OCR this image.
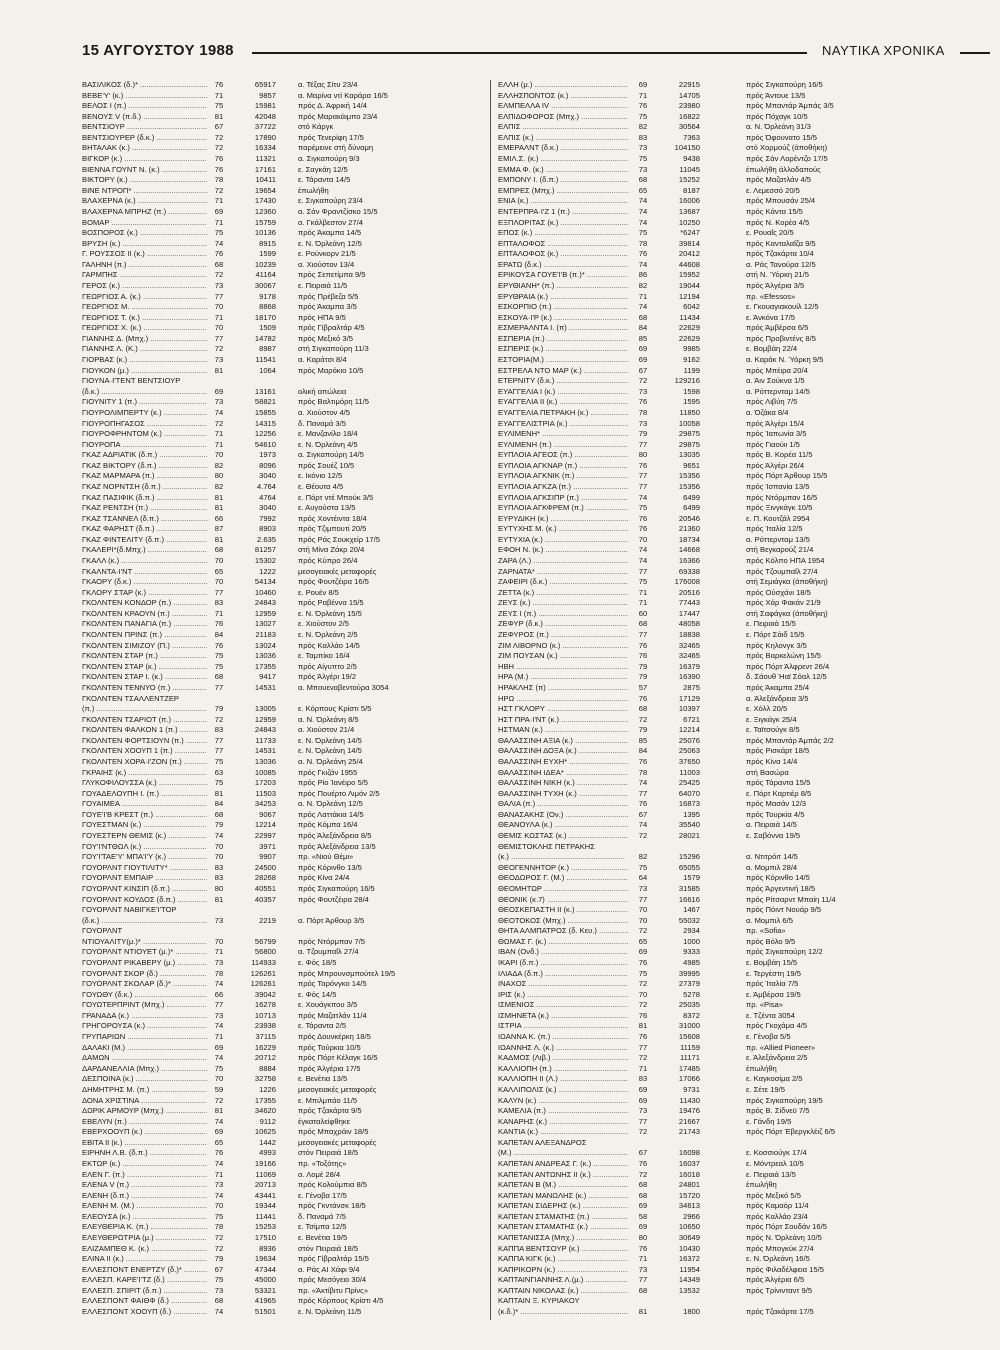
15 ΑΥΓΟΥΣΤΟΥ 1988	ΝΑΥΤΙΚΑ ΧΡΟΝΙΚΑ
ΒΑΣΙΛΙΚΟΣ (δ.)* .....	76	65917	α. Τέξας Σίτυ 23/4
ΒΕΒΕ'Υ' (κ.) .....	71	9857	α. Μαρίνα ντί Καράρα 16/5
ΒΕΛΟΣ Ι (π.) .....	75	15981	πρός Δ. Άφρική 14/4
ΒΕΝΟΥΣ V (π.δ.) .....	81	42048	πρός Μαρακάιμπο 23/4
ΒΕΝΤΣΙΟΥΡ .....	67	37722	στό Κάργκ
ΒΕΝΤΣΙΟΥΡΕΡ (δ.κ.) .....	72	17890	πρός Τενερίφη 17/5
ΒΗΤΑΛΑΚ (κ.) .....	72	16334	παρέμεινε στή δύναμη
ΒΙΓΚΟΡ (κ.) .....	76	11321	α. Σιγκαπούρη 9/3
ΒΙΕΝΝΑ ΓΟΥΝΤ Ν. (κ.) .....	76	17161	ε. Σαγκάη 12/5
ΒΙΚΤΟΡΥ (κ.) .....	78	10411	ε. Τάραντα 14/5
ΒΙΝΕ ΝΤΡΟΠ* .....	72	19654	έπωλήθη
ΒΛΑΧΕΡΝΑ (κ.) .....	71	17430	ε. Σιγκαπούρη 23/4
ΒΛΑΧΕΡΝΑ ΜΠΡΗΖ (π.) .....	69	12360	α. Σάν Φραντζίσκο 15/5
ΒΟΜΑΡ .....	71	15759	α. Γκάλβεστον 27/4
ΒΟΣΠΟΡΟΣ (κ.) .....	75	10136	πρός Άκαμπα 14/5
ΒΡΥΣΗ (κ.) .....	74	8915	ε. Ν. Όρλεάνη 12/5
Γ. ΡΟΥΣΣΟΣ ΙΙ (κ.) .....	76	1599	ε. Ρούνκορν 21/5
ΓΑΛΗΝΗ (π.) .....	68	10239	α. Χιούστον 13/4
ΓΑΡΜΠΗΣ .....	72	41164	πρός Σεπετίμπα 9/5
ΓΕΡΟΣ (κ.) .....	73	30067	ε. Πειραιά 11/5
ΓΕΩΡΓΙΟΣ Α. (κ.) .....	77	9178	πρός Πρέβεζα 5/5
ΓΕΩΡΓΙΟΣ Μ. .....	70	8868	πρός Άκαμπα 3/5
ΓΕΩΡΓΙΟΣ Τ. (κ.) .....	71	18170	πρός ΗΠΑ 9/5
ΓΕΩΡΓΙΟΣ Χ. (κ.) .....	70	1509	πρός Γίβραλτάρ 4/5
ΓΙΑΝΝΗΣ Δ. (Μπχ.) .....	77	14782	πρός Μεξικό 3/5
ΓΙΑΝΝΗΣ Λ. (Κ.) .....	72	8987	στή Σιγκαπούρη 11/3
ΓΙΟΡΒΑΣ (κ.) .....	73	11541	α. Καράτσι 8/4
ΓΙΟΥΚΟΝ (μ.) .....	81	1064	πρός Μαρόκιο 10/5
ΓΙΟΥΝΑ·Ι'ΤΕΝΤ ΒΕΝΤΣΙΟΥΡ
(δ.κ.) .....	69	13161	ολική απώλεια
ΓΙΟΥΝΙΤΥ 1 (π.) .....	73	58821	πρός Βαλτιμόρη 11/5
ΓΙΟΥΡΟΛΙΜΠΕΡΤΥ (κ.) .....	74	15855	α. Χιούστον 4/5
ΓΙΟΥΡΟΠΗΓΑΣΟΣ .....	72	14315	δ. Παναμά 3/5
ΓΙΟΥΡΟΦΡΗΝΤΟΜ (κ.) .....	71	12256	ε. Μανζανίλο 18/4
ΓΙΟΥΡΟΠΑ .....	71	54610	ε. Ν. Όρλεάνη 4/5
ΓΚΑΖ ΑΔΡΙΑΤΙΚ (δ.π.) .....	70	1973	α. Σιγκαπούρη 14/5
ΓΚΑΖ ΒΙΚΤΟΡΥ (δ.π.) .....	82	8096	πρός Σουέζ 10/5
ΓΚΑΖ ΜΑΡΜΑΡΑ (π.) .....	80	3040	ε. Ικόνιο 12/5
ΓΚΑΖ ΝΟΡΝΤΣΗ (δ.π.) .....	82	4.764	ε. Θέουτα 4/5
ΓΚΑΖ ΠΑΣΙΦΙΚ (δ.π.) .....	81	4764	ε. Πόρτ ντέ Μπούκ 3/5
ΓΚΑΖ ΡΕΝΤΣΗ (π.) .....	81	3040	ε. Αυγούστα 13/5
ΓΚΑΖ ΤΣΑΝΝΕΛ (δ.π.) .....	66	7992	πρός Χοντέιντα 18/4
ΓΚΑΖ ΦΑΡΗΣΤ (δ.π.) .....	87	8903	πρός Τζιμπουτί 20/5
ΓΚΑΖ ΦΙΝΤΕΛΙΤΥ (δ.π.) .....	81	2.635	πρός Ράς Σουκχείρ 17/5
ΓΚΑΛΕΡΙ*(δ.Μπχ.) .....	68	81257	στή Μίνα Ζάκρ 20/4
ΓΚΑΛΛ (κ.) .....	70	15302	πρός Κύπρο 26/4
ΓΚΑΛΝΤΑ·Ι'ΝΤ .....	65	1222	μεσογειακές μεταφορές
ΓΚΑΟΡΥ (δ.κ.) .....	70	54134	πρός Φουτζέιρα 16/5
ΓΚΛΟΡΥ ΣΤΑΡ (κ.) .....	77	10460	ε. Ρουέν 8/5
ΓΚΟΛΝΤΕΝ ΚΟΝΔΟΡ (π.) .....	83	24843	πρός Ραβέννα 15/5
ΓΚΟΛΝΤΕΝ ΚΡΑΟΥΝ (π.) .....	71	12959	ε. Ν. Όρλεάνη 15/5
ΓΚΟΛΝΤΕΝ ΠΑΝΑΓΙΑ (π.) .....	76	13027	ε. Χιούστον 2/5
ΓΚΟΛΝΤΕΝ ΠΡΙΝΣ (π.) .....	84	21183	ε. Ν. Όρλεάνη 2/5
ΓΚΟΛΝΤΕΝ ΣΙΜΙΖΟΥ (Π.) .....	76	13024	πρός Καλλάο 14/5
ΓΚΟΛΝΤΕΝ ΣΤΑΡ (π.) .....	75	13036	ε. Ταμπίκο 16/4
ΓΚΟΛΝΤΕΝ ΣΤΑΡ (κ.) .....	75	17355	πρός Αίγυπτο 2/5
ΓΚΟΛΝΤΕΝ ΣΤΑΡ Ι. (κ.) .....	68	9417	πρός Άλγέρι 19/2
ΓΚΟΛΝΤΕΝ ΤΕΝΝΥΟ (π.) .....	77	14531	α. Μπουεναβεντούρα 3054
ΓΚΟΛΝΤΕΝ ΤΣΑΛΛΕΝΤΖΕΡ
(π.) .....	79	13005	ε. Κόρπους Κρίστι 5/5
ΓΚΟΛΝΤΕΝ ΤΣΑΡΙΟΤ (π.) .....	72	12959	α. Ν. Όρλεάνη 8/5
ΓΚΟΛΝΤΕΝ ΦΑΛΚΟΝ 1 (π.) .....	83	24843	α. Χιούστον 21/4
ΓΚΟΛΝΤΕΝ ΦΟΡΤΣΙΟΥΝ (π.) .....	77	11733	ε. Ν. Όρλεάνη 14/5
ΓΚΟΛΝΤΕΝ ΧΟΟΥΠ 1 (π.) .....	77	14531	ε. Ν. Όρλεάνη 14/5
ΓΚΟΛΝΤΕΝ ΧΟΡΑ·Ι'ΖΟΝ (π.) .....	75	13036	α. Ν. Όρλεάνη 25/4
ΓΚΡΑΙΗΣ (κ.) .....	63	10085	πρός Γκιζάν 1955
ΓΛΥΚΟΦΙΛΟΥΣΣΑ (κ.) .....	75	17203	πρός Ρίο Ίανέιρο 5/5
ΓΟΥΑΔΕΛΟΥΠΗ Ι. (π.) .....	81	11503	πρός Πουέρτο Λιμόν 2/5
ΓΟΥΑΙΜΕΑ .....	84	34253	α. Ν. Όρλεάνη 12/5
ΓΟΥΕ'Ι'Β ΚΡΕΣΤ (π.) .....	68	9067	πρός Λαττάκια 14/5
ΓΟΥΕΣΤΜΑΝ (κ.) .....	79	12214	πρός Κόμπα 16/4
ΓΟΥΕΣΤΕΡΝ ΘΕΜΙΣ (κ.) .....	74	22997	πρός Άλεξάνδρεια 8/5
ΓΟΥ'Ι'ΝΤΘΩΛ (κ.) .....	70	3971	πρός Άλεξάνδρεια 13/5
ΓΟΥ'Ι'ΤΑΕ'Υ' ΜΠΑ'Ι'Υ (κ.) .....	70	9907	πρ. «Νιού Θέμι»
ΓΟΥΟΡΛΝΤ ΓΙΟΥΤΙΛΙΤΥ* .....	83	24500	πρός Κόρινθο 13/5
ΓΟΥΟΡΛΝΤ ΕΜΠΑΙΡ .....	83	28268	πρός Κίνα 24/4
ΓΟΥΟΡΛΝΤ ΚΙΝΣΙΠ (δ.π.) .....	80	40551	πρός Σιγκαπούρη 16/5
ΓΟΥΟΡΛΝΤ ΚΟΥΔΟΣ (δ.π.) .....	81	40357	πρός Φουτζέιρα 28/4
ΓΟΥΟΡΛΝΤ ΝΑΒΙΓΚΕ'Ι'ΤΟΡ
(δ.κ.) .....	73	2219	α. Πόρτ Άρθουρ 3/5
ΓΟΥΟΡΛΝΤ
ΝΤΙΟΥΑΛΙΤΥ(μ.)* .....	70	56799	πρός Ντόρμπαν 7/5
ΓΟΥΟΡΛΝΤ ΝΤΙΟΥΕΤ (μ.)* .....	71	56800	α. Τζουμπαΐλ 27/4
ΓΟΥΟΡΛΝΤ ΡΙΚΑΒΕΡΥ (μ.) .....	73	114933	ε. Φός 18/5
ΓΟΥΟΡΛΝΤ ΣΚΟΡ (δ.) .....	78	126261	πρός Μπρουνσμπούτελ 19/5
ΓΟΥΟΡΛΝΤ ΣΚΟΛΑΡ (δ.)* .....	74	126261	πρός Ταρόνγκο 14/5
ΓΟΥΩΘΥ (δ.κ.) .....	66	39042	ε. Φός 14/5
ΓΟΥΩΤΕΡΠΡΙΝΤ (Μπχ.) .....	77	16278	ε. Χουάγκπου 3/5
ΓΡΑΝΑΔΑ (κ.) .....	73	10713	πρός Μαζατλάν 11/4
ΓΡΗΓΟΡΟΥΣΑ (κ.) .....	74	23938	ε. Τάραντα 2/5
ΓΡΥΠΑΡΙΩΝ .....	71	37115	πρός Δουνκέρκη 18/5
ΔΑΛΑΚΙ (Μ.) .....	69	16229	πρός Τούρκια 10/5
ΔΑΜΩΝ .....	74	20712	πρός Πόρτ Κέλαγκ 16/5
ΔΑΡΔΑΝΕΛΛΙΑ (Μπχ.) .....	75	8884	πρός Άλγέρια 17/5
ΔΕΣΠΟΙΝΑ (κ.) .....	70	32758	ε. Βενέτια 13/5
ΔΗΜΗΤΡΗΣ Μ. (π.) .....	59	1226	μεσογειακές μεταφορές
ΔΟΝΑ ΧΡΙΣΤΙΝΑ .....	72	17355	ε. Μπιλμπάο 11/5
ΔΩΡΙΚ ΑΡΜΟΥΡ (Μπχ.) .....	81	34620	πρός Τζακάρτα 9/5
ΕΒΕΛΥΝ (π.) .....	74	9112	έγκαταλείφθηκε
ΕΒΕΡΧΟΟΥΠ (κ.) .....	69	10625	πρός Μπαχράιν 18/5
ΕΒΙΤΑ ΙΙ (κ.) .....	65	1442	μεσογειακές μεταφορές
ΕΙΡΗΝΗ Λ.Β. (δ.π.) .....	76	4993	στόν Πειραιά 18/5
ΕΚΤΩΡ (κ.) .....	74	19166	πρ. «Τοξότης»
ΕΛΕΝ Γ. (π.) .....	71	11069	α. Λομέ 28/4
ΕΛΕΝΑ V (π.) .....	73	20713	πρός Κολούμπια 8/5
ΕΛΕΝΗ (δ.π.) .....	74	43441	ε. Γένοβα 17/5
ΕΛΕΝΗ Μ. (Μ.) .....	70	19344	πρός Γκντάνσκ 18/5
ΕΛΕΟΥΣΑ (κ.) .....	75	11441	δ. Παναμά 7/5
ΕΛΕΥΘΕΡΙΑ Κ. (π.) .....	78	15253	ε. Τσίμπα 12/5
ΕΛΕΥΘΕΡΩΤΡΙΑ (μ.) .....	72	17510	ε. Βενέτια 19/5
ΕΛΙΖΑΜΠΕΘ Κ. (κ.) .....	72	8936	στόν Πειραιά 18/5
ΕΛΙΝΑ ΙΙ (κ.) .....	79	19634	πρός Γίβραλτάρ 15/5
ΕΛΛΕΣΠΟΝΤ ΕΝΕΡΤΖΥ (δ.)* .....	67	47344	α. Ράς ΑΙ Χάφι 9/4
ΕΛΛΕΣΠ. ΚΑΡΕ'Ι'ΤΖ (δ.) .....	75	45000	πρός Μεσόγειο 30/4
ΕΛΛΕΣΠ. ΣΠΙΡΙΤ (δ.π.) .....	73	53321	πρ. «Άκτίβιτυ Πρίνς»
ΕΛΛΕΣΠΟΝΤ ΦΑΙΘΦ (δ.) .....	68	41965	πρός Κόρπους Κρίστι 4/5
ΕΛΛΕΣΠΟΝΤ ΧΟΟΥΠ (δ.) .....	74	51501	ε. Ν. Όρλεάνη 11/5
ΕΛΛΗ (μ.) .....	69	22915	πρός Σιγκαπούρη 16/5
ΕΛΛΗΣΠΟΝΤΟΣ (κ.) .....	71	14705	πρός Άντουε 13/5
ΕΛΜΠΕΛΛΑ IV .....	76	23980	πρός Μπαντάρ Άμπάς 3/5
ΕΛΠΙΔΟΦΟΡΟΣ (Μπχ.) .....	75	16822	πρός Πόχαγκ 10/5
ΕΛΠΙΣ .....	82	30564	α. Ν. Όρλεάνη 31/3
ΕΛΠΙΣ (κ.) .....	83	7363	πρός Όφουνατο 15/5
ΕΜΕΡΑΛΝΤ (δ.κ.) .....	73	104150	στό Χορμούζ (άποθήκη)
ΕΜΙΛ.Σ. (κ.) .....	75	9438	πρός Σάν Λορέντζο 17/5
ΕΜΜΑ Φ. (κ.) .....	73	11045	έπωλήθη άλλοδαπούς
ΕΜΠΟΝΥ Ι. (δ.π.) .....	68	15252	πρός Μαζατλάν 4/5
ΕΜΠΡΕΣ (Μπχ.) .....	65	8187	ε. Λεμεσσό 20/5
ΕΝΙΑ (κ.) .....	74	16006	πρός Μπουσάν 25/4
ΕΝΤΕΡΠΡΑ·Ι'Ζ 1 (π.) .....	74	13687	πρός Κάντα 15/5
ΕΞΠΛΟΡΙΤΑΣ (κ.) .....	74	10250	πρός Ν. Κορέα 4/5
ΕΠΟΣ (κ.) .....	75	*6247	ε. Ρουαΐς 20/5
ΕΠΤΑΛΟΦΟΣ .....	78	39814	πρός Κανταλαΐζα 9/5
ΕΠΤΑΛΟΦΟΣ (κ.) .....	76	20412	πρός Τζακάρτα 10/4
ΕΡΑΤΩ (δ.κ.) .....	74	44608	α. Ράς Τανούρα 12/5
ΕΡΙΚΟΥΣΑ ΓΟΥΕ'Ι'Β (π.)* .....	86	15952	στή Ν. Ύόρκη 21/5
ΕΡΥΘΙΑΝΗ* (π.) .....	82	19044	πρός Άλγέρια 3/5
ΕΡΥΘΡΑΙΑ (κ.) .....	71	12194	πρ. «Efessos»
ΕΣΚΟΡΠΙΟ (π.) .....	74	6042	ε. Γκουαγιακουίλ 12/5
ΕΣΚΟΥΑ·Ι'Ρ (κ.) .....	68	11434	ε. Άνκόνα 17/5
ΕΣΜΕΡΑΛΝΤΑ Ι. (π) .....	84	22629	πρός Άμβέρσα 6/5
ΕΣΠΕΡΙΑ (π.) .....	85	22629	πρός Προβιντένς 8/5
ΕΣΠΕΡΙΣ (κ.) .....	69	9985	ε. Βομβάη 22/4
ΕΣΤΟΡΙΑ(Μ.) .....	69	9162	α. Καράκ Ν. Ύόρκη 9/5
ΕΣΤΡΕΛΑ ΝΤΟ ΜΑΡ (κ.) .....	67	1199	πρός Μπέιρα 20/4
ΕΤΕΡΝΙΤΥ (δ.κ.) .....	72	129216	α. Άιν Σούκνα 1/5
ΕΥΑΓΓΕΛΙΑ Ι (κ.) .....	73	1598	α. Ρόττερνταμ 14/5
ΕΥΑΓΓΕΛΙΑ ΙΙ (κ.) .....	76	1595	πρός Λιβύη 7/5
ΕΥΑΓΓΕΛΙΑ ΠΕΤΡΑΚΗ (κ.) .....	78	11850	α. Όζάκα 8/4
ΕΥΑΓΓΕΛΙΣΤΡΙΑ (κ.) .....	73	10058	πρός Άλγέρι 15/4
ΕΥΛΙΜΕΝΗ* .....	79	29875	πρός Ίαπωνία 3/5
ΕΥΛΙΜΕΝΗ (π.) .....	77	29875	πρός Γιαούιι 1/5
ΕΥΠΛΟΙΑ ΑΓΕΟΣ (π.) .....	80	13035	πρός Β. Κορέα 11/5
ΕΥΠΛΟΙΑ ΑΓΚΝΑΡ (π.) .....	76	9651	πρός Άλγέρι 26/4
ΕΥΠΛΟΙΑ ΑΓΚΝΙΚ (π.) .....	77	15356	πρός Πόρτ Άρθουρ 15/5
ΕΥΠΛΟΙΑ ΑΓΚΖΑ (π.) .....	77	15356	πρός Ίσπανία 13/5
ΕΥΠΛΟΙΑ ΑΓΚΣΙΠΡ (π.) .....	74	6499	πρός Ντόρμπαν 16/5
ΕΥΠΛΟΙΑ ΑΓΚΦΡΕΜ (π.) .....	75	6499	πρός Ξινγκάγκ 10/5
ΕΥΡΥΔΙΚΗ (κ.) .....	76	20546	ε. Π. Κουτζάλ 2954
ΕΥΤΥΧΗΣ Μ. (κ.) .....	76	21360	πρός Ίταλία 12/5
ΕΥΤΥΧΙΑ (κ.) .....	70	18734	α. Ρόττερνταμ 13/5
ΕΦΟΗ Ν. (κ.) .....	74	14668	στή Βεγκαρούζ 21/4
ΖΑΡΑ (Λ.) .....	74	16366	πρός Κόλπο ΗΠΑ 1954
ΖΑΡΝΑΤΑ* .....	77	69338	πρός Τζουμπαΐλ 27/4
ΖΑΦΕΙΡΙ (δ.κ.) .....	75	176008	στή Σεμιάγκα (άποθήκη)
ΖΕΤΤΑ (κ.) .....	71	20516	πρός Ούσχάνι 18/5
ΖΕΥΣ (κ.) .....	71	77443	πρός Χάρ Φακάν 21/9
ΖΕΥΣ Ι (π.) .....	60	17447	στή Σαφάγκα (άποθήκη)
ΖΕΦΥΡ (δ.κ.) .....	68	48058	ε. Πειραιά 15/5
ΖΕΦΥΡΟΣ (π.) .....	77	18838	ε. Πόρτ Σάιδ 15/5
ΖΙΜ ΛΙΒΟΡΝΟ (κ.) .....	76	32465	πρός Κηλονγκ 3/5
ΖΙΜ ΠΟΥΣΑΝ (κ.) .....	76	32465	πρός Βαρκελώνη 15/5
ΗΒΗ .....	79	16379	πρός Πόρτ Άλφρεντ 26/4
ΗΡΑ (Μ.) .....	79	16390	δ. Σάουθ Ήαϊ Σόαλ 12/5
ΗΡΑΚΛΗΣ (π) .....	57	2875	πρός Άκαμπα 25/4
ΗΡΩ .....	76	17129	α. Άλεξάνδρεια 3/5
ΗΣΤ ΓΚΛΟΡΥ .....	68	10397	ε. Χόλλ 20/5
ΗΣΤ ΠΡΑ·Ι'ΝΤ (κ.) .....	72	6721	ε. Ξιγκάγκ 25/4
ΗΣΤΜΑΝ (κ.) .....	79	12214	ε. Ταϊτσούγκ 8/5
ΘΑΛΑΣΣΙΝΗ ΑΞΙΑ (κ.) .....	85	25076	πρός Μπαντάρ Άμπάς 2/2
ΘΑΛΑΣΣΙΝΗ ΔΟΞΑ (κ.) .....	84	25063	πρός Ρισκάρτ 18/5
ΘΑΛΑΣΣΙΝΗ ΕΥΧΗ* .....	76	37650	πρός Κίνα 14/4
ΘΑΛΑΣΣΙΝΗ ΙΔΕΑ* .....	78	11003	στή Βασώρα
ΘΑΛΑΣΣΙΝΗ ΝΙΚΗ (κ.) .....	74	25425	πρός Τάραντα 15/5
ΘΑΛΑΣΣΙΝΗ ΤΥΧΗ (κ.) .....	77	64070	ε. Πόρτ Καρτιέρ 8/5
ΘΑΛΙΑ (π.) .....	76	16873	πρός Μασάν 12/3
ΘΑΝΑΣΑΚΗΣ (Ον.) .....	67	1395	πρός Τουρκία 4/5
ΘΕΑΝΟΥΛΑ (κ.) .....	74	35540	α. Πειραιά 14/5
ΘΕΜΙΣ ΚΩΣΤΑΣ (κ.) .....	72	28021	ε. Σαβόννα 19/5
ΘΕΜΙΣΤΟΚΛΗΣ ΠΕΤΡΑΚΗΣ
(κ.) .....	82	15296	α. Ντιτρόιτ 14/5
ΘΕΟΓΕΝΝΗΤΟΡ (κ.) .....	75	65055	α. Μομπιλ 28/4
ΘΕΟΔΩΡΟΣ Γ. (Μ.) .....	64	1579	πρός Κόρινθο 14/5
ΘΕΟΜΗΤΩΡ .....	73	31585	πρός Άργεντινή 18/5
ΘΕΟΝΙΚ (κ.7) .....	77	16616	πρός Ρίτσαρντ Μπαίη 11/4
ΘΕΟΣΚΕΠΑΣΤΗ ΙΙ (κ.) .....	70	1467	πρός Πόιντ Νουάρ 9/5
ΘΕΟΤΟΚΟΣ (Μπχ.) .....	70	55032	α. Μομπιλ 6/5
ΘΗΤΑ ΑΛΜΠΑΤΡΟΣ (δ. Κευ.) .....	72	2934	πρ. «Sofia»
ΘΩΜΑΣ Γ. (κ.) .....	65	1000	πρός Βόλο 9/5
ΙΒΑΝ (Ονδ.) .....	69	9333	πρός Σιγκαπούρη 12/2
ΙΚΑΡΙ (δ.π.) .....	76	4985	ε. Βομβάη 15/5
ΙΛΙΑΔΑ (δ.π.) .....	75	39995	ε. Τεργέστη 19/5
ΙΝΑΧΟΣ .....	72	27379	πρός Ίταλία 7/5
ΙΡΙΣ (κ.) .....	70	5278	ε. Άμβέρσα 19/5
ΙΣΜΕΝΙΟΣ .....	72	25035	πρ. «Pisa»
ΙΣΜΗΝΕΤΑ (κ.) .....	76	8372	ε. Τζέντα 3054
ΙΣΤΡΙΑ .....	81	31000	πρός Γκοχάμα 4/5
ΙΩΑΝΝΑ Κ. (π.) .....	76	15608	ε. Γένοβα 5/5
ΙΩΑΝΝΗΣ Λ. (κ.) .....	77	11159	πρ. «Allied Pioneer»
ΚΑΔΜΟΣ (Λιβ.) .....	72	11171	ε. Άλεξάνδρεια 2/5
ΚΑΛΛΙΟΠΗ (π.) .....	71	17485	έπωλήθη
ΚΑΛΛΙΟΠΗ ΙΙ (Λ.) .....	83	17066	ε. Καγκοσίμα 2/5
ΚΑΛΛΙΠΟΛΙΣ (κ.) .....	69	9731	ε. Σέτε 19/5
ΚΑΛΥΝ (κ.) .....	69	11430	πρός Σιγκαπούρη 19/5
ΚΑΜΕΛΙΑ (π.) .....	73	19476	πρός Β. Σίδνεϋ 7/5
ΚΑΝΑΡΗΣ (κ.) .....	77	21667	ε. Γάνδη 19/5
ΚΑΝΤΙΑ (κ.) .....	72	21743	πρός Πόρτ Έβεργκλέιζ 6/5
ΚΑΠΕΤΑΝ ΑΛΕΞΑΝΔΡΟΣ
(Μ.) .....	67	16098	ε. Κοσσιούγκ 17/4
ΚΑΠΕΤΑΝ ΑΝΔΡΕΑΣ Γ. (κ.) .....	76	16037	ε. Μόντρεαλ 10/5
ΚΑΠΕΤΑΝ ΑΝΤΩΝΗΣ ΙΙ (κ.) .....	72	16018	ε. Πειραιά 13/5
ΚΑΠΕΤΑΝ Β (Μ.) .....	68	24801	έπωλήθη
ΚΑΠΕΤΑΝ ΜΑΝΩΛΗΣ (κ.) .....	68	15720	πρός Μεξικό 5/5
ΚΑΠΕΤΑΝ ΣΙΔΕΡΗΣ (κ.) .....	69	34613	πρός Καμαόρ 11/4
ΚΑΠΕΤΑΝ ΣΤΑΜΑΤΗΣ (π.) .....	58	2966	πρός Καλλάο 23/4
ΚΑΠΕΤΑΝ ΣΤΑΜΑΤΗΣ (κ.) .....	69	10650	πρός Πόρτ Σουδάν 16/5
ΚΑΠΕΤΑΝΙΣΣΑ (Μπχ.) .....	80	30649	πρός Ν. Όρλεάνη 10/5
ΚΑΠΠΑ ΒΕΝΤΣΟΥΡ (κ.) .....	76	10430	πρός Μπογκύκ 27/4
ΚΑΠΠΑ ΚΙΓΚ (κ.) .....	71	16372	ε. Ν. Όρλεάνη 16/5
ΚΑΠΡΙΚΟΡΝ (κ.) .....	73	11954	πρός Φιλαδέλφεια 15/5
ΚΑΠΤΑΙΝΓΙΑΝΝΗΣ Λ.(μ.) .....	77	14349	πρός Άλγέρια 6/5
ΚΑΠΤΑΙΝ ΝΙΚΟΛΑΣ (κ.) .....	68	13532	πρός Τρίνινταντ 9/5
ΚΑΠΤΑΙΝ Ξ. ΚΥΡΙΑΚΟΥ
(κ.δ.)* .....	81	1800	πρός Τζακάρτα 17/5
